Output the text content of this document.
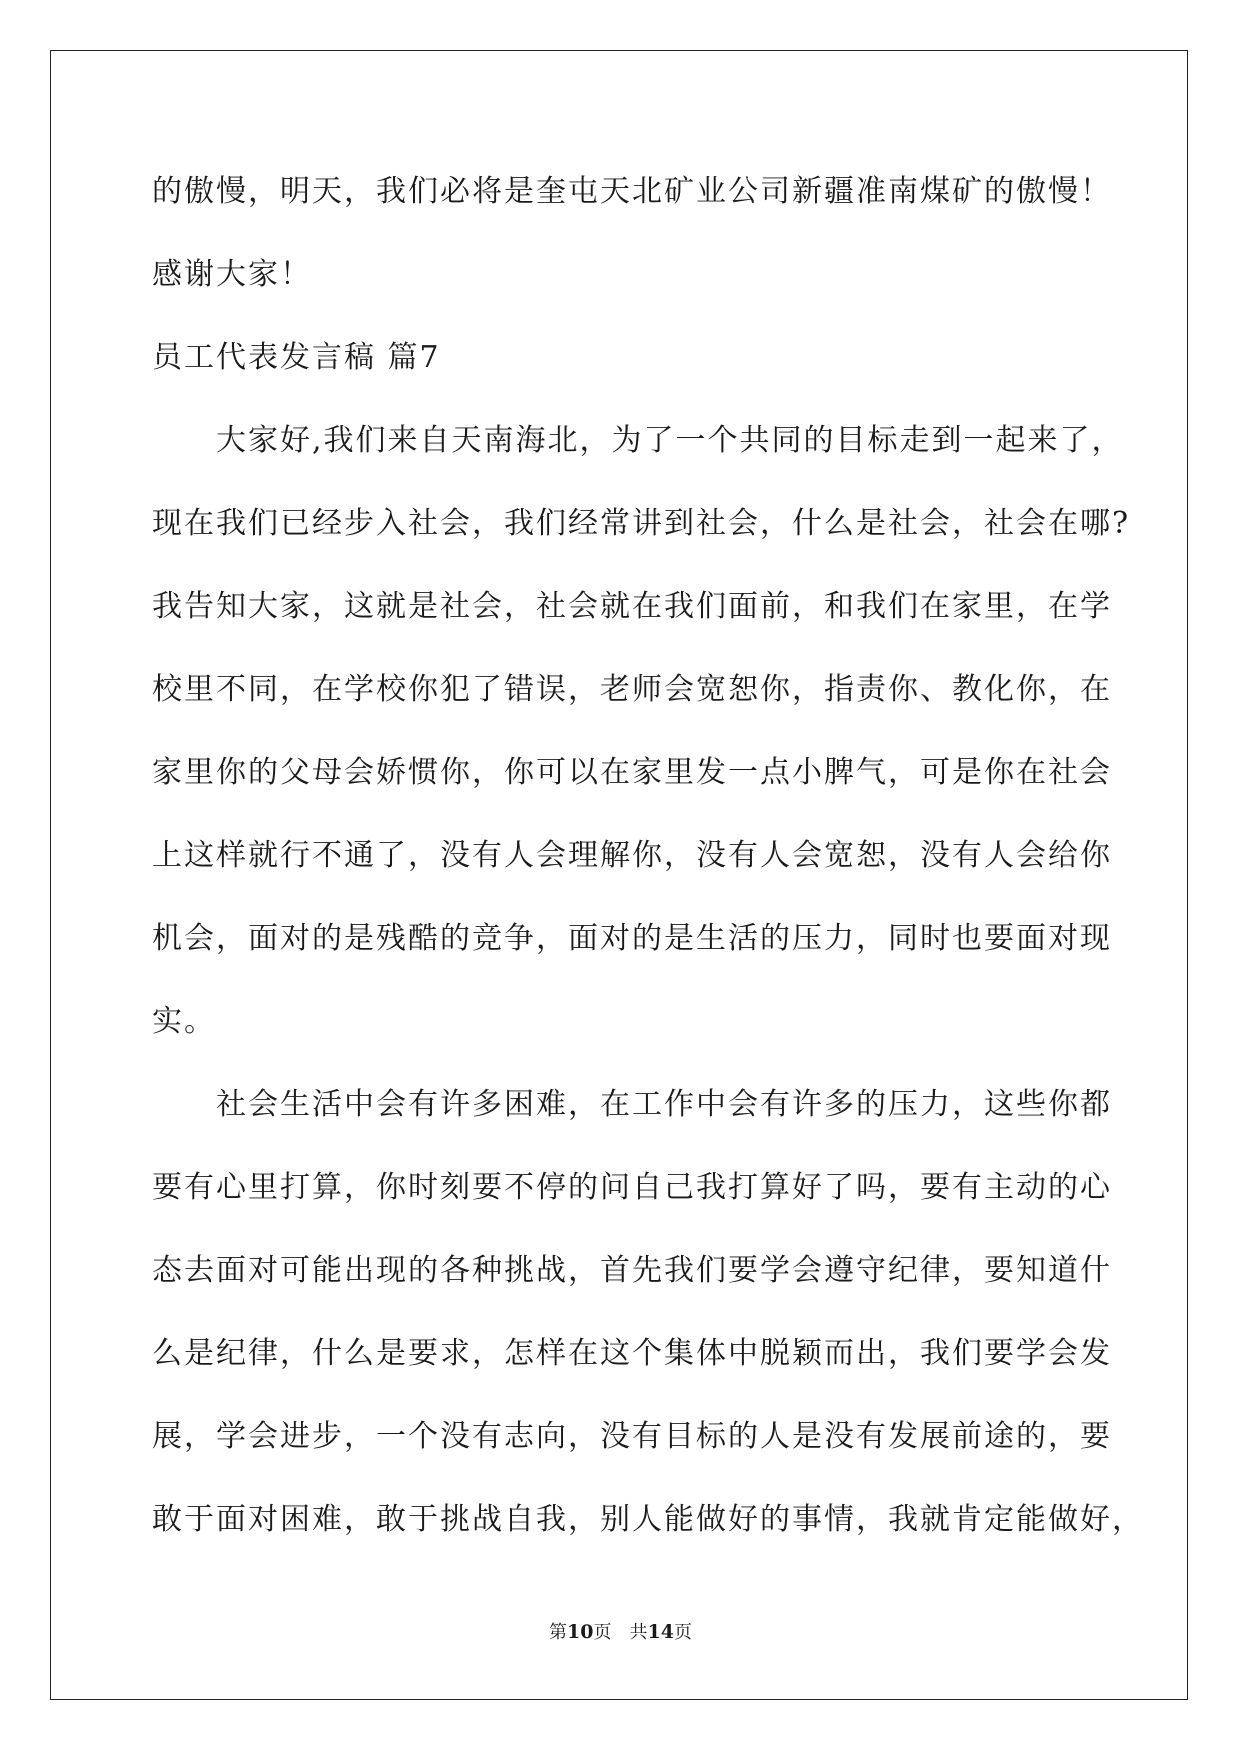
的傲慢，明天，我们必将是奎屯天北矿业公司新疆准南煤矿的傲慢！
感谢大家！
员工代表发言稿 篇7
大家好,我们来自天南海北，为了一个共同的目标走到一起来了，
现在我们已经步入社会，我们经常讲到社会，什么是社会，社会在哪?
我告知大家，这就是社会，社会就在我们面前，和我们在家里，在学
校里不同，在学校你犯了错误，老师会宽恕你，指责你、教化你，在
家里你的父母会娇惯你，你可以在家里发一点小脾气，可是你在社会
上这样就行不通了，没有人会理解你，没有人会宽恕，没有人会给你
机会，面对的是残酷的竞争，面对的是生活的压力，同时也要面对现
实。
社会生活中会有许多困难，在工作中会有许多的压力，这些你都
要有心里打算，你时刻要不停的问自己我打算好了吗，要有主动的心
态去面对可能出现的各种挑战，首先我们要学会遵守纪律，要知道什
么是纪律，什么是要求，怎样在这个集体中脱颖而出，我们要学会发
展，学会进步，一个没有志向，没有目标的人是没有发展前途的，要
敢于面对困难，敢于挑战自我，别人能做好的事情，我就肯定能做好，
第10页　共14页
